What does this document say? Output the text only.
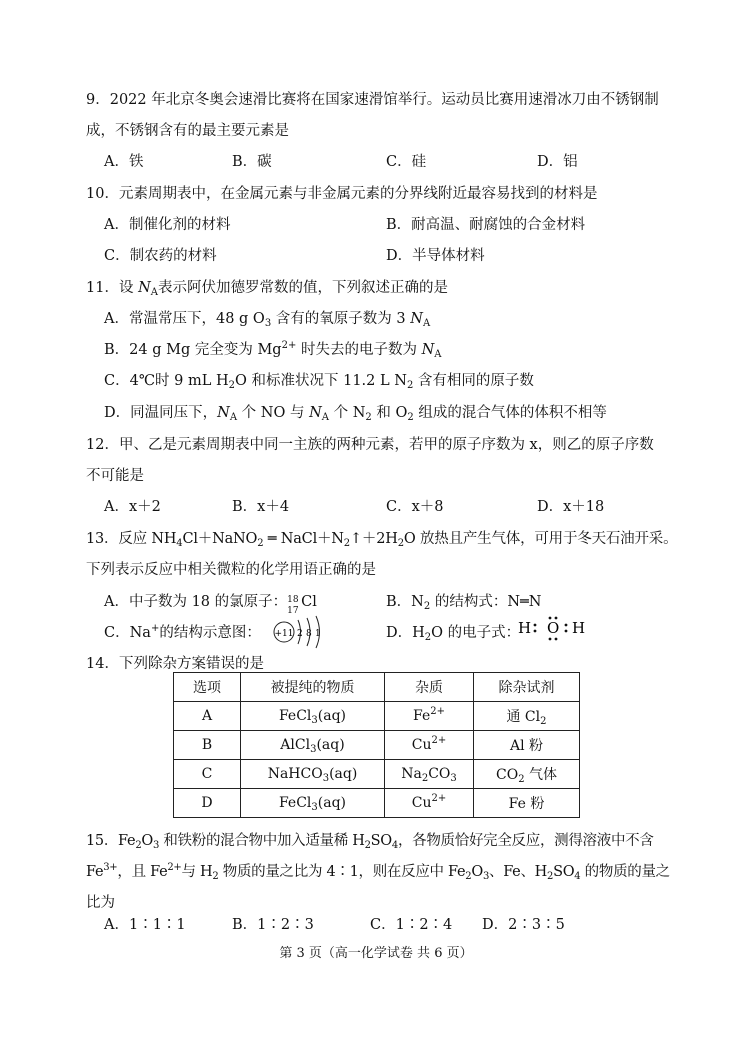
9．2022 年北京冬奥会速滑比赛将在国家速滑馆举行。运动员比赛用速滑冰刀由不锈钢制
成，不锈钢含有的最主要元素是
A．铁	B．碳	C．硅	D．铝
10．元素周期表中，在金属元素与非金属元素的分界线附近最容易找到的材料是
A．制催化剂的材料	B．耐高温、耐腐蚀的合金材料
C．制农药的材料	D．半导体材料
11．设 $N_A$表示阿伏加德罗常数的值，下列叙述正确的是
A．常温常压下，48 g $O_3$ 含有的氧原子数为 3 $N_A$
B．24 g Mg 完全变为 $Mg^{2+}$ 时失去的电子数为 $N_A$
C．4℃时 9 mL $H_2O$ 和标准状况下 11.2 L $N_2$ 含有相同的原子数
D．同温同压下，$N_A$ 个 NO 与 $N_A$ 个 $N_2$ 和 $O_2$ 组成的混合气体的体积不相等
12．甲、乙是元素周期表中同一主族的两种元素，若甲的原子序数为 x，则乙的原子序数
不可能是
A．x＋2	B．x＋4	C．x＋8	D．x＋18
13．反应 $NH_4Cl+NaNO_2$ ═ $NaCl+N_2↑+2H_2O$ 放热且产生气体，可用于冬天石油开采。
下列表示反应中相关微粒的化学用语正确的是
A．中子数为 18 的氯原子： 18
17
Cl	B．$N_2$ 的结构式：N═N
C．Na+的结构示意图： +11 2 8 1	D．$H_2O$ 的电子式：
H O H
14．下列除杂方案错误的是
选项	被提纯的物质	杂质	除杂试剂
A	FeCl$_3$(aq)	$Fe^{2+}$	通 $Cl_2$
B	AlCl$_3$(aq)	$Cu^{2+}$	Al 粉
C	NaHCO$_3$(aq)	$Na_2CO_3$	$CO_2$ 气体
D	FeCl$_3$(aq)	$Cu^{2+}$	Fe 粉
15．$Fe_2O_3$ 和铁粉的混合物中加入适量稀 $H_2SO_4$，各物质恰好完全反应，测得溶液中不含
$Fe^{3+}$，且 $Fe^{2+}$与 $H_2$ 物质的量之比为 4∶1，则在反应中 $Fe_2O_3$、Fe、$H_2SO_4$ 的物质的量之
比为
A．1∶1∶1	B．1∶2∶3	C．1∶2∶4 D．2∶3∶5
第 3 页（高一化学试卷 共 6 页）
